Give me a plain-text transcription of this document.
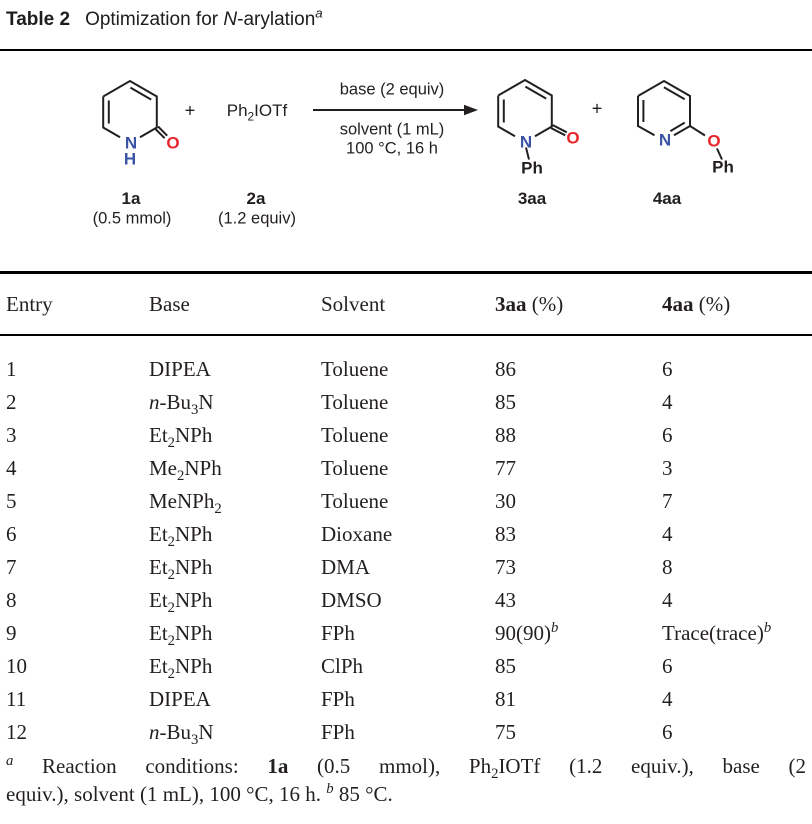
Table 2 Optimization for N-arylation$^a$
N
H
O
+ $Ph_2IOTf$
base (2 equiv)
solvent (1 mL)
100 °C, 16 h	N O
Ph
+
N O
Ph
1a
(0.5 mmol)
2a
(1.2 equiv)
3aa	4aa
Entry	Base	Solvent	3aa (%)	4aa (%)
1	DIPEA	Toluene	86	6
2	$n-Bu_3N$	Toluene	85	4
3	$Et_2NPh$	Toluene	88	6
4	$Me_2NPh$	Toluene	77	3
5	MeNPh$_2$	Toluene	30	7
6	$Et_2NPh$	Dioxane	83	4
7	$Et_2NPh$	DMA	73	8
8	$Et_2NPh$	DMSO	43	4
9	$Et_2NPh$	FPh	$90(90)^b$	Trace(trace)$^b$
10	$Et_2NPh$	ClPh	85	6
11	DIPEA	FPh	81	4
12	$n-Bu_3N$	FPh	75	6
$^a$ Reaction conditions: 1a (0.5 mmol), $Ph_2IOTf$ (1.2 equiv.), base (2
equiv.), solvent (1 mL), 100 °C, 16 h. $^b$ 85 °C.
